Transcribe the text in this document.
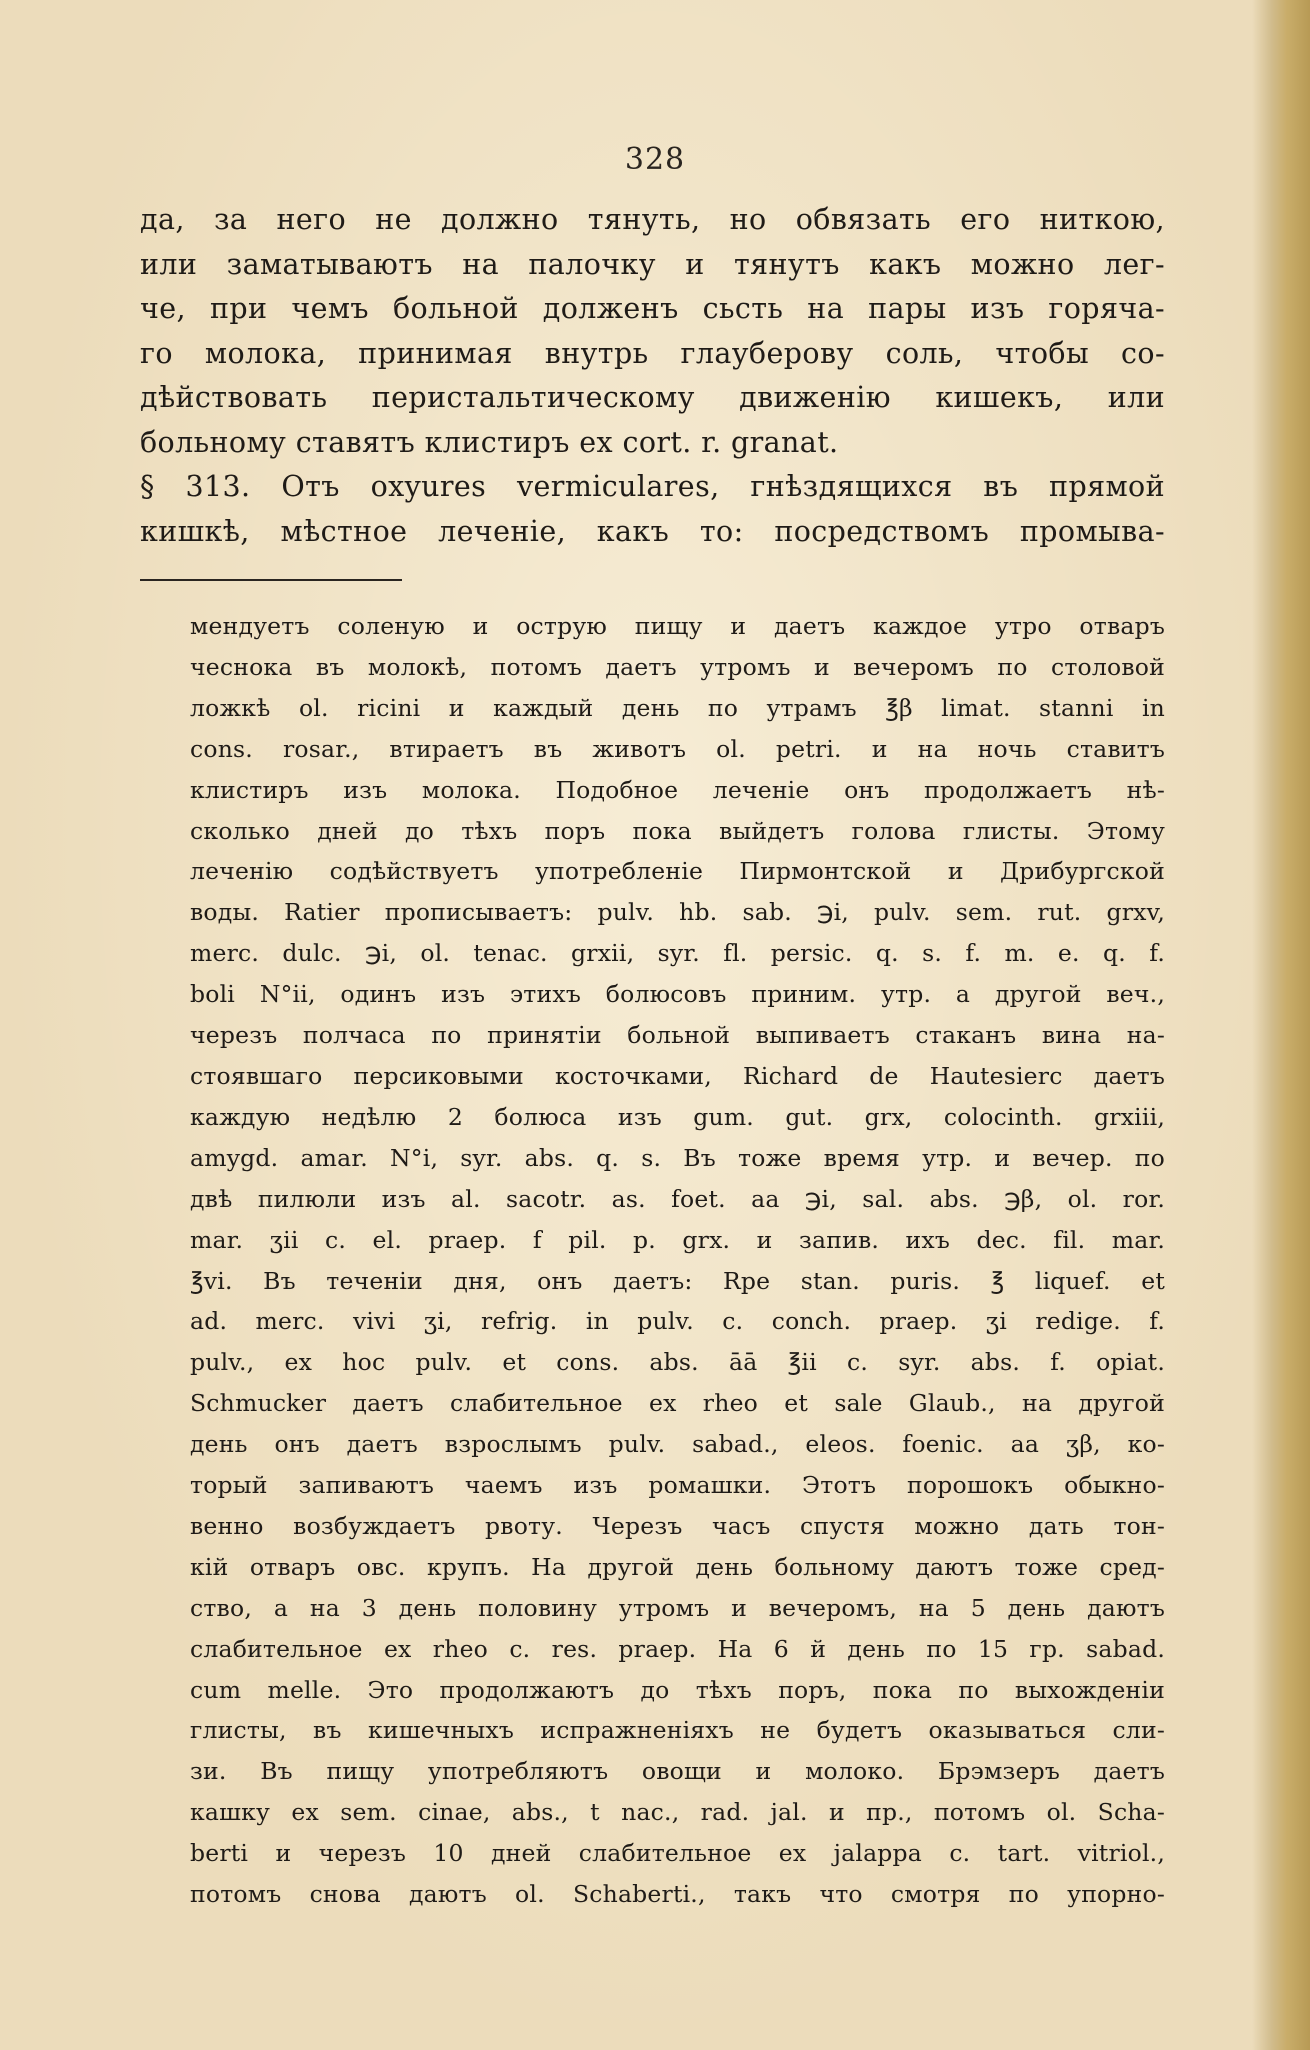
328
да, за него не должно тянуть, но обвязать его ниткою,
или заматываютъ на палочку и тянутъ какъ можно лег-
че, при чемъ больной долженъ сьсть на пары изъ горяча-
го молока, принимая внутрь глауберову соль, чтобы со-
дѣйствовать перистальтическому движенію кишекъ, или
больному ставятъ клистиръ ex cort. r. granat.
§ 313. Отъ oxyures vermiculares, гнѣздящихся въ прямой
кишкѣ, мѣстное леченіе, какъ то: посредствомъ промыва-
мендуетъ соленую и острую пищу и даетъ каждое утро отваръ
чеснока въ молокѣ, потомъ даетъ утромъ и вечеромъ по столовой
ложкѣ ol. ricini и каждый день по утрамъ ℥β limat. stanni in
cons. rosar., втираетъ въ животъ ol. petri. и на ночь ставитъ
клистиръ изъ молока. Подобное леченіе онъ продолжаетъ нѣ-
сколько дней до тѣхъ поръ пока выйдетъ голова глисты. Этому
леченію содѣйствуетъ употребленіе Пирмонтской и Дрибургской
воды. Ratier прописываетъ: pulv. hb. sab. ℈i, pulv. sem. rut. grxv,
merc. dulc. ℈i, ol. tenac. grxii, syr. fl. persic. q. s. f. m. e. q. f.
boli N°ii, одинъ изъ этихъ болюсовъ приним. утр. а другой веч.,
черезъ полчаса по принятіи больной выпиваетъ стаканъ вина на-
стоявшаго персиковыми косточками, Richard de Hautesierc даетъ
каждую недѣлю 2 болюса изъ gum. gut. grx, colocinth. grxiii,
amygd. amar. N°i, syr. abs. q. s. Въ тоже время утр. и вечер. по
двѣ пилюли изъ al. sacotr. as. foet. aa ℈i, sal. abs. ℈β, ol. ror.
mar. ʒii c. el. praep. f pil. p. grx. и запив. ихъ dec. fil. mar.
℥vi. Въ теченіи дня, онъ даетъ: Rpe stan. puris. ℥ liquef. et
ad. merc. vivi ʒi, refrig. in pulv. c. conch. praep. ʒi redige. f.
pulv., ex hoc pulv. et cons. abs. āā ℥ii c. syr. abs. f. opiat.
Schmucker даетъ слабительное ex rheo et sale Glaub., на другой
день онъ даетъ взрослымъ pulv. sabad., eleos. foenic. aa ʒβ, ко-
торый запиваютъ чаемъ изъ ромашки. Этотъ порошокъ обыкно-
венно возбуждаетъ рвоту. Черезъ часъ спустя можно дать тон-
кій отваръ овс. крупъ. На другой день больному даютъ тоже сред-
ство, а на 3 день половину утромъ и вечеромъ, на 5 день даютъ
слабительное ex rheo c. res. praep. На 6 й день по 15 гр. sabad.
cum melle. Это продолжаютъ до тѣхъ поръ, пока по выхожденіи
глисты, въ кишечныхъ испражненіяхъ не будетъ оказываться сли-
зи. Въ пищу употребляютъ овощи и молоко. Брэмзеръ даетъ
кашку ex sem. cinae, abs., t nac., rad. jal. и пр., потомъ ol. Scha-
berti и черезъ 10 дней слабительное ex jalappa c. tart. vitriol.,
потомъ снова даютъ ol. Schaberti., такъ что смотря по упорно-
